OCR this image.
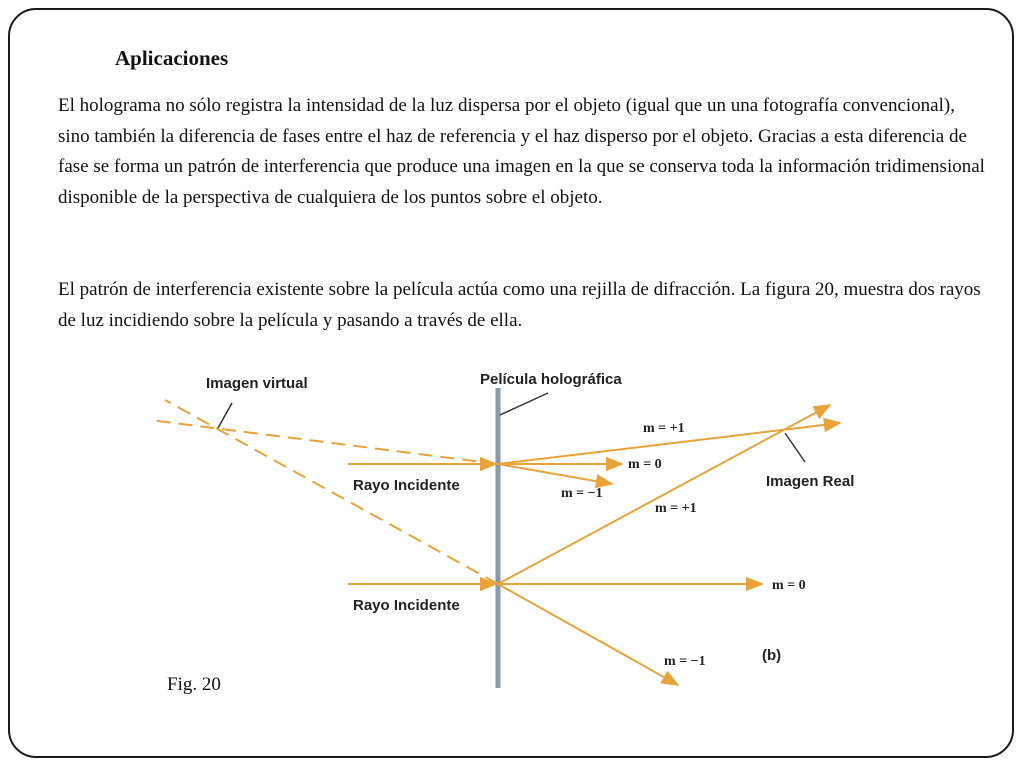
Aplicaciones

El holograma no sólo registra la intensidad de la luz dispersa por el objeto (igual que un una fotografía convencional), sino también la diferencia de fases entre el haz de referencia y el haz disperso por el objeto. Gracias a esta diferencia de fase se forma un patrón de interferencia que produce una imagen en la que se conserva toda la información tridimensional disponible de la perspectiva de cualquiera de los puntos sobre el objeto.

El patrón de interferencia existente sobre la película actúa como una rejilla de difracción. La figura 20, muestra dos rayos de luz incidiendo sobre la película y pasando a través de ella.

Imagen virtual	Película holográfica
Imagen Real
Rayo Incidente
Rayo Incidente
(b)
m = +1
m = 0
m = −1
m = +1
m = 0
m = −1
Fig. 20
